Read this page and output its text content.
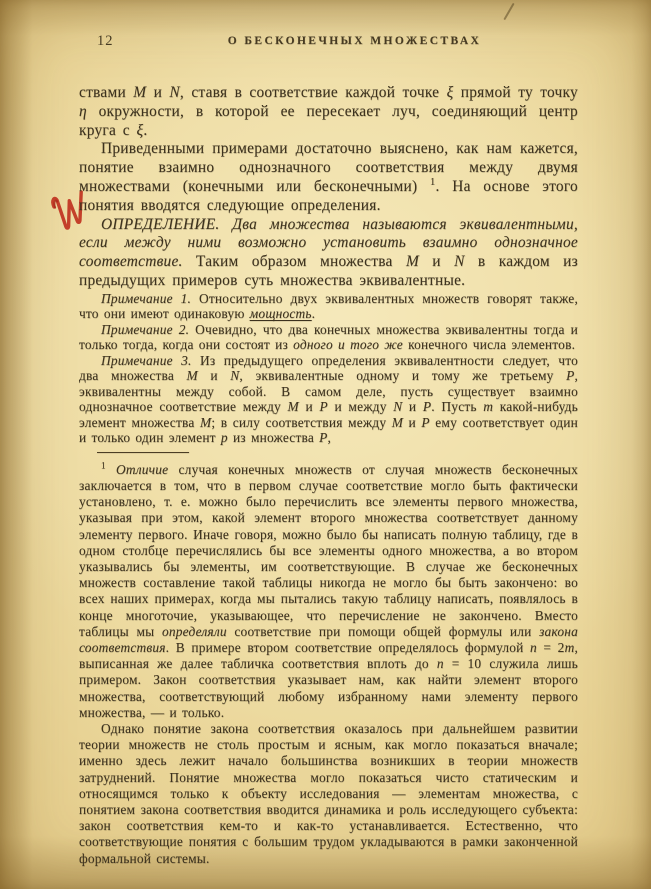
12	О БЕСКОНЕЧНЫХ МНОЖЕСТВАХ

ствами M и N, ставя в соответствие каждой точке ξ прямой ту точку η окружности, в которой ее пересекает луч, соединяющий центр круга с ξ.

Приведенными примерами достаточно выяснено, как нам кажется, понятие взаимно однозначного соответствия между двумя множествами (конечными или бесконечными) $^1$. На основе этого понятия вводятся следующие определения.

ОПРЕДЕЛЕНИЕ. Два множества называются эквивалентными, если между ними возможно установить взаимно однозначное соответствие. Таким образом множества M и N в каждом из предыдущих примеров суть множества эквивалентные.

Примечание 1. Относительно двух эквивалентных множеств говорят также, что они имеют одинаковую мощность.

Примечание 2. Очевидно, что два конечных множества эквивалентны тогда и только тогда, когда они состоят из одного и того же конечного числа элементов.

Примечание 3. Из предыдущего определения эквивалентности следует, что два множества M и N, эквивалентные одному и тому же третьему P, эквивалентны между собой. В самом деле, пусть существует взаимно однозначное соответствие между M и P и между N и P. Пусть m какой-нибудь элемент множества M; в силу соответствия между M и P ему соответствует один и только один элемент p из множества P,

$^1$ Отличие случая конечных множеств от случая множеств бесконечных заключается в том, что в первом случае соответствие могло быть фактически установлено, т. е. можно было перечислить все элементы первого множества, указывая при этом, какой элемент второго множества соответствует данному элементу первого. Иначе говоря, можно было бы написать полную таблицу, где в одном столбце перечислялись бы все элементы одного множества, а во втором указывались бы элементы, им соответствующие. В случае же бесконечных множеств составление такой таблицы никогда не могло бы быть закончено: во всех наших примерах, когда мы пытались такую таблицу написать, появлялось в конце многоточие, указывающее, что перечисление не закончено. Вместо таблицы мы определяли соответствие при помощи общей формулы или закона соответствия. В примере втором соответствие определялось формулой n = 2m, выписанная же далее табличка соответствия вплоть до n = 10 служила лишь примером. Закон соответствия указывает нам, как найти элемент второго множества, соответствующий любому избранному нами элементу первого множества, — и только.

Однако понятие закона соответствия оказалось при дальнейшем развитии теории множеств не столь простым и ясным, как могло показаться вначале; именно здесь лежит начало большинства возникших в теории множеств затруднений. Понятие множества могло показаться чисто статическим и относящимся только к объекту исследования — элементам множества, с понятием закона соответствия вводится динамика и роль исследующего субъекта: закон соответствия кем-то и как-то устанавливается. Естественно, что соответствующие понятия с большим трудом укладываются в рамки законченной формальной системы.
